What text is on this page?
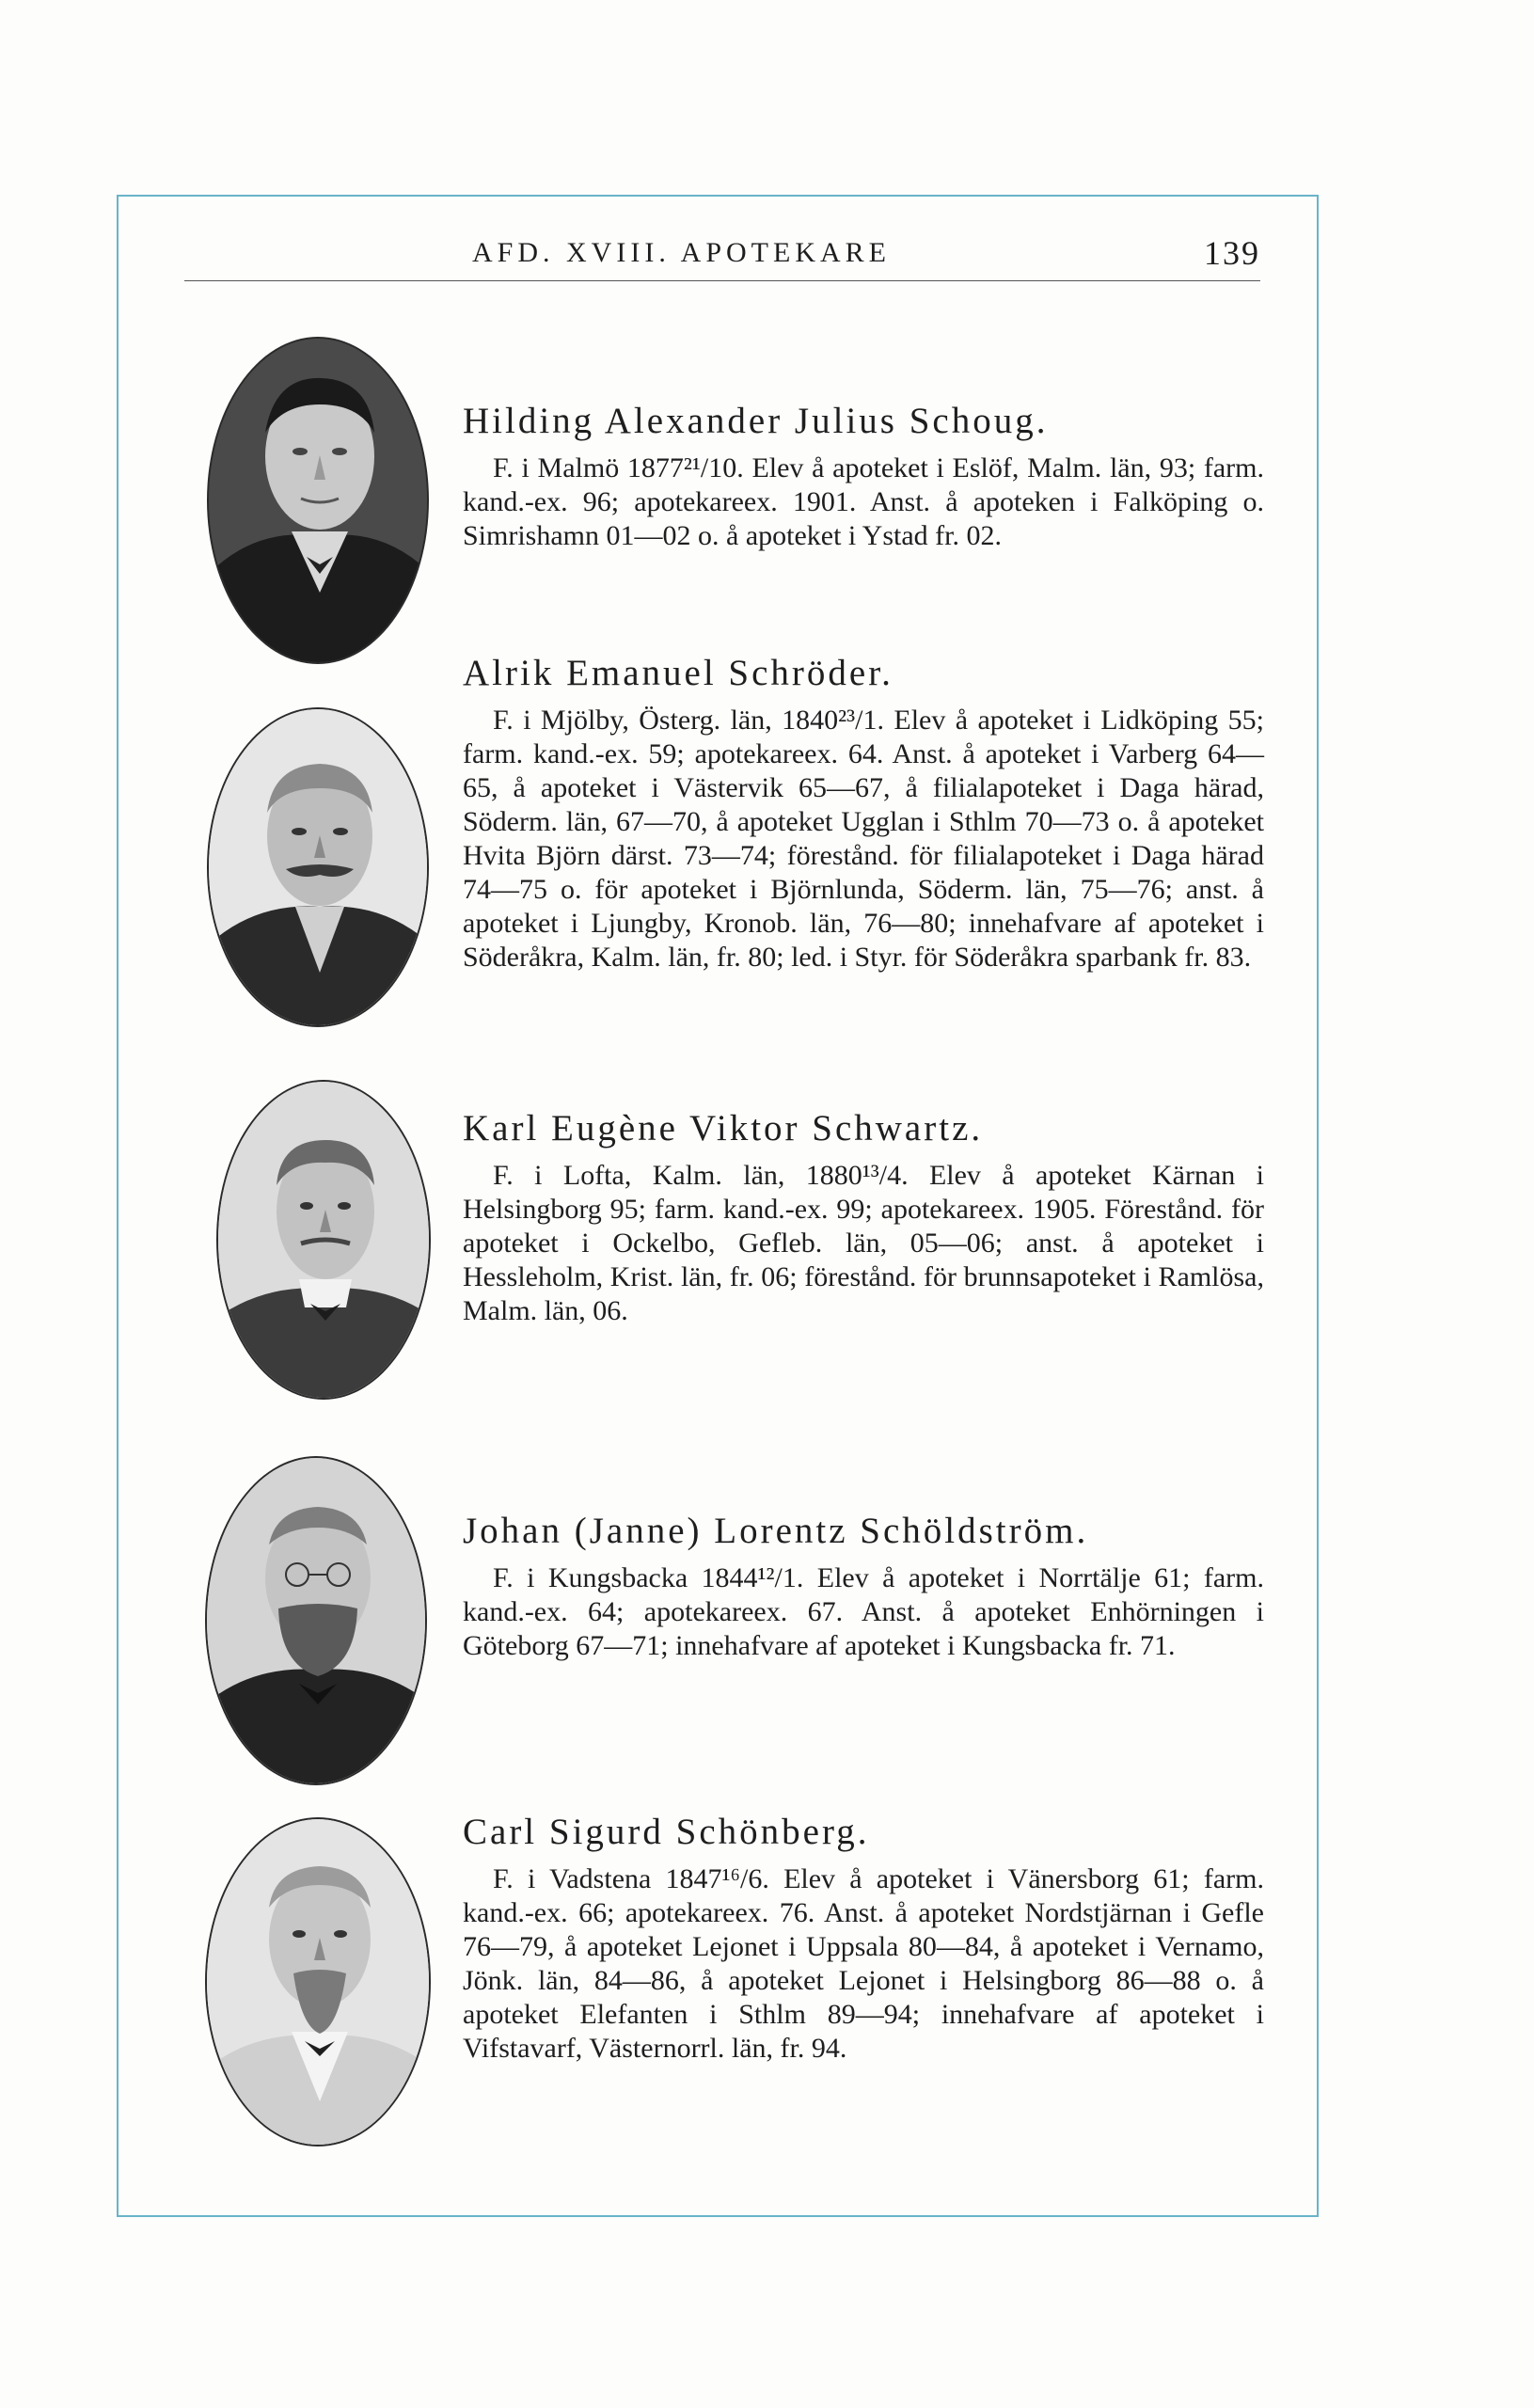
AFD. XVIII. APOTEKARE	139

Hilding Alexander Julius Schoug.

F. i Malmö 1877²¹/10. Elev å apoteket i Eslöf, Malm. län, 93; farm. kand.-ex. 96; apotekareex. 1901. Anst. å apoteken i Falköping o. Simrishamn 01—02 o. å apoteket i Ystad fr. 02.

Alrik Emanuel Schröder.

F. i Mjölby, Österg. län, 1840²³/1. Elev å apoteket i Lidköping 55; farm. kand.-ex. 59; apotekareex. 64. Anst. å apoteket i Varberg 64—65, å apoteket i Västervik 65—67, å filialapoteket i Daga härad, Söderm. län, 67—70, å apoteket Ugglan i Sthlm 70—73 o. å apoteket Hvita Björn därst. 73—74; förestånd. för filialapoteket i Daga härad 74—75 o. för apoteket i Björnlunda, Söderm. län, 75—76; anst. å apoteket i Ljungby, Kronob. län, 76—80; innehafvare af apoteket i Söderåkra, Kalm. län, fr. 80; led. i Styr. för Söderåkra sparbank fr. 83.

Karl Eugène Viktor Schwartz.

F. i Lofta, Kalm. län, 1880¹³/4. Elev å apoteket Kärnan i Helsingborg 95; farm. kand.-ex. 99; apotekareex. 1905. Förestånd. för apoteket i Ockelbo, Gefleb. län, 05—06; anst. å apoteket i Hessleholm, Krist. län, fr. 06; förestånd. för brunnsapoteket i Ramlösa, Malm. län, 06.

Johan (Janne) Lorentz Schöldström.

F. i Kungsbacka 1844¹²/1. Elev å apoteket i Norrtälje 61; farm. kand.-ex. 64; apotekareex. 67. Anst. å apoteket Enhörningen i Göteborg 67—71; innehafvare af apoteket i Kungsbacka fr. 71.

Carl Sigurd Schönberg.

F. i Vadstena 1847¹⁶/6. Elev å apoteket i Vänersborg 61; farm. kand.-ex. 66; apotekareex. 76. Anst. å apoteket Nordstjärnan i Gefle 76—79, å apoteket Lejonet i Uppsala 80—84, å apoteket i Vernamo, Jönk. län, 84—86, å apoteket Lejonet i Helsingborg 86—88 o. å apoteket Elefanten i Sthlm 89—94; innehafvare af apoteket i Vifstavarf, Västernorrl. län, fr. 94.
